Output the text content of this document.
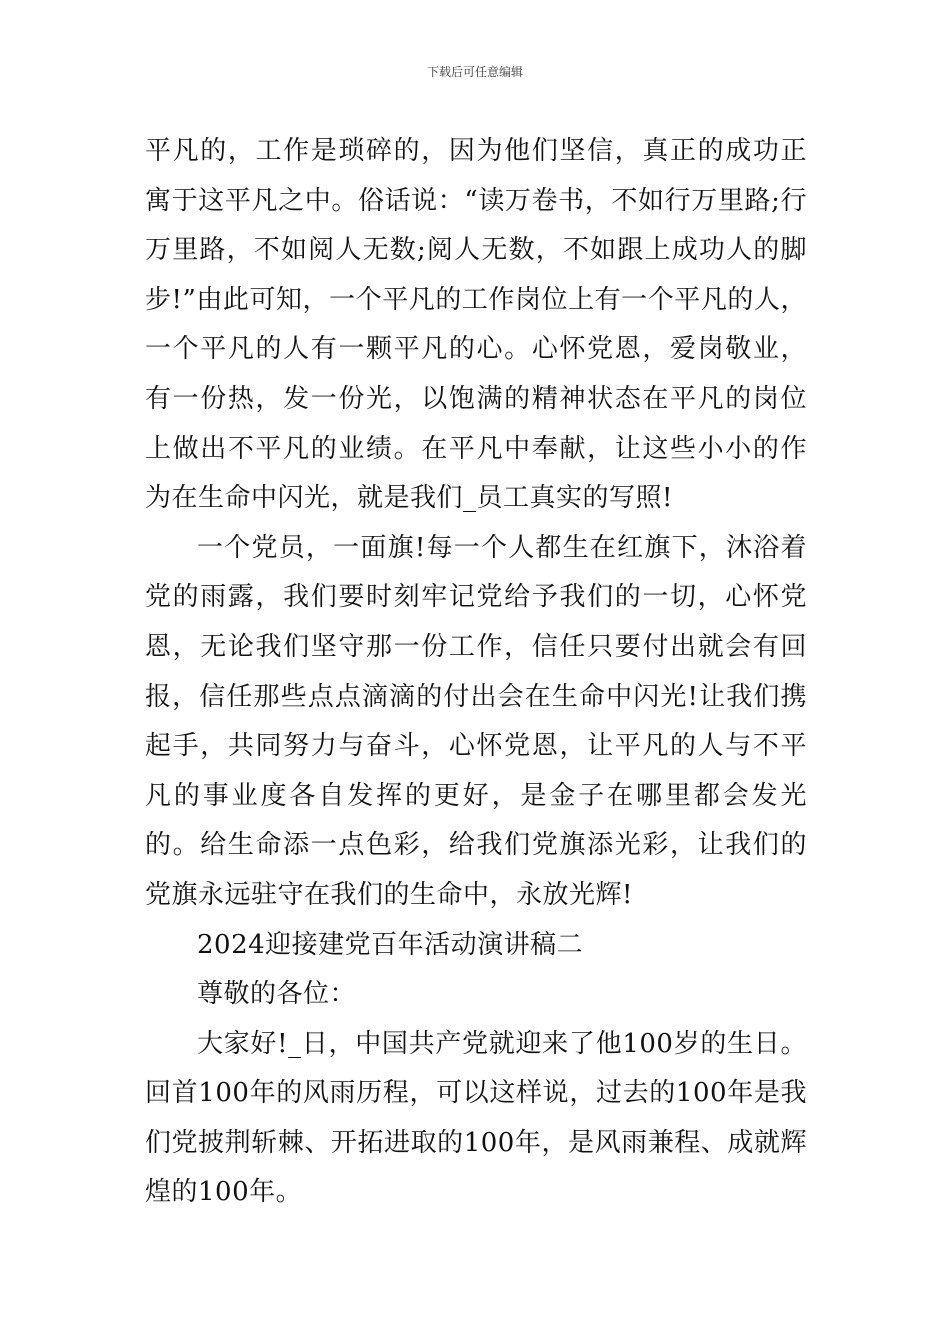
下载后可任意编辑

平凡的，工作是琐碎的，因为他们坚信，真正的成功正寓于这平凡之中。俗话说：“读万卷书，不如行万里路;行万里路，不如阅人无数;阅人无数，不如跟上成功人的脚步!”由此可知，一个平凡的工作岗位上有一个平凡的人，一个平凡的人有一颗平凡的心。心怀党恩，爱岗敬业，有一份热，发一份光，以饱满的精神状态在平凡的岗位上做出不平凡的业绩。在平凡中奉献，让这些小小的作为在生命中闪光，就是我们_员工真实的写照!

一个党员，一面旗!每一个人都生在红旗下，沐浴着党的雨露，我们要时刻牢记党给予我们的一切，心怀党恩，无论我们坚守那一份工作，信任只要付出就会有回报，信任那些点点滴滴的付出会在生命中闪光!让我们携起手，共同努力与奋斗，心怀党恩，让平凡的人与不平凡的事业度各自发挥的更好，是金子在哪里都会发光的。给生命添一点色彩，给我们党旗添光彩，让我们的党旗永远驻守在我们的生命中，永放光辉!

2024迎接建党百年活动演讲稿二

尊敬的各位：

大家好!_日，中国共产党就迎来了他100岁的生日。回首100年的风雨历程，可以这样说，过去的100年是我们党披荆斩棘、开拓进取的100年，是风雨兼程、成就辉煌的100年。
